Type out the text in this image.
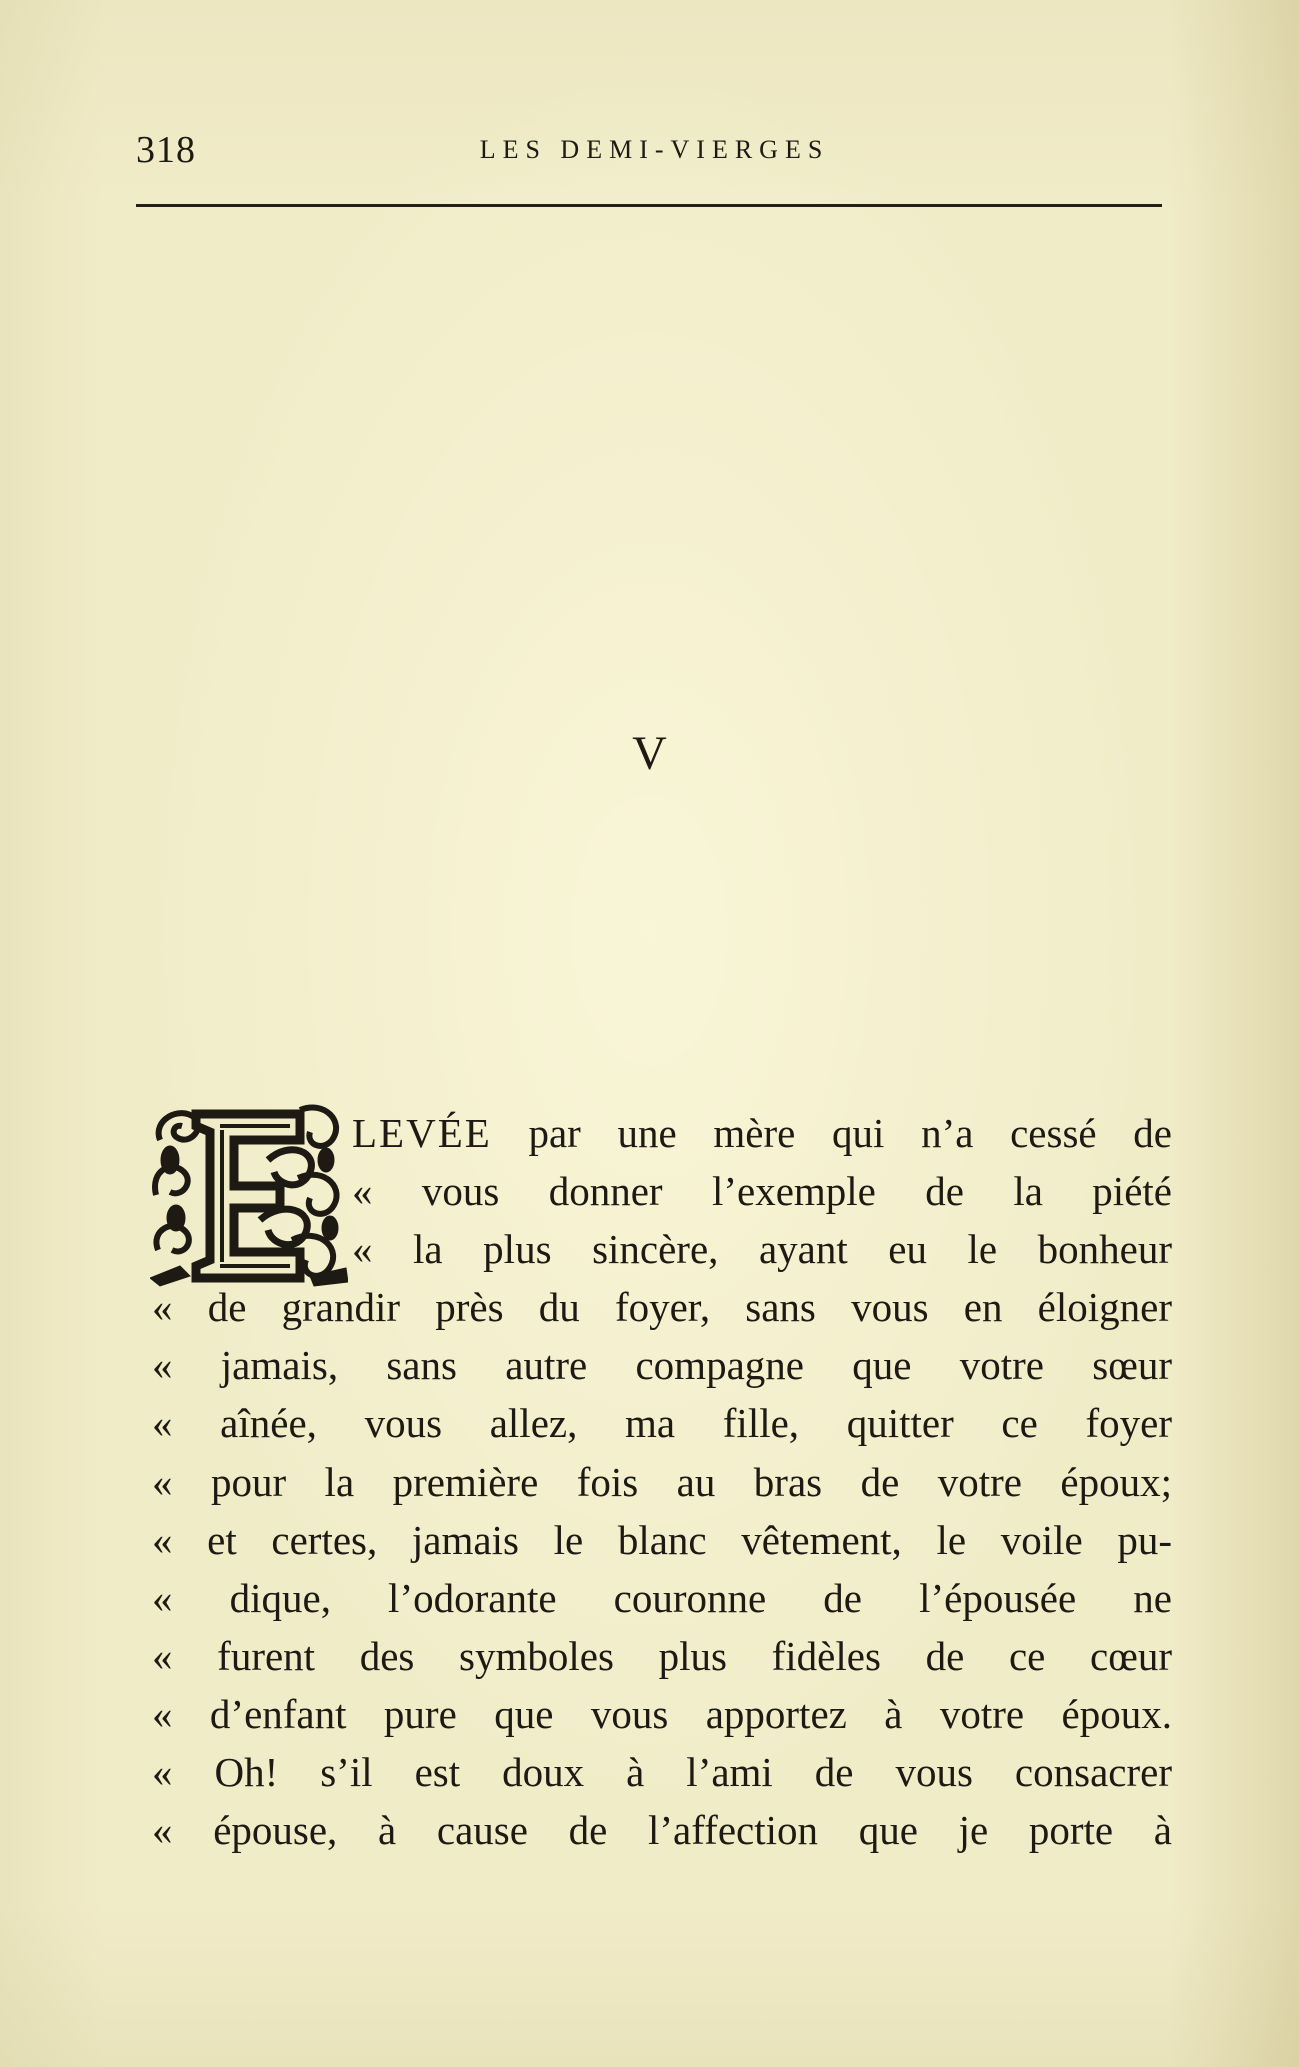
318	LES DEMI-VIERGES
V
LEVÉE par une mère qui n’a cessé de
« vous donner l’exemple de la piété
« la plus sincère, ayant eu le bonheur
« de grandir près du foyer, sans vous en éloigner
« jamais, sans autre compagne que votre sœur
« aînée, vous allez, ma fille, quitter ce foyer
« pour la première fois au bras de votre époux;
« et certes, jamais le blanc vêtement, le voile pu-
« dique, l’odorante couronne de l’épousée ne
« furent des symboles plus fidèles de ce cœur
« d’enfant pure que vous apportez à votre époux.
« Oh! s’il est doux à l’ami de vous consacrer
« épouse, à cause de l’affection que je porte à
